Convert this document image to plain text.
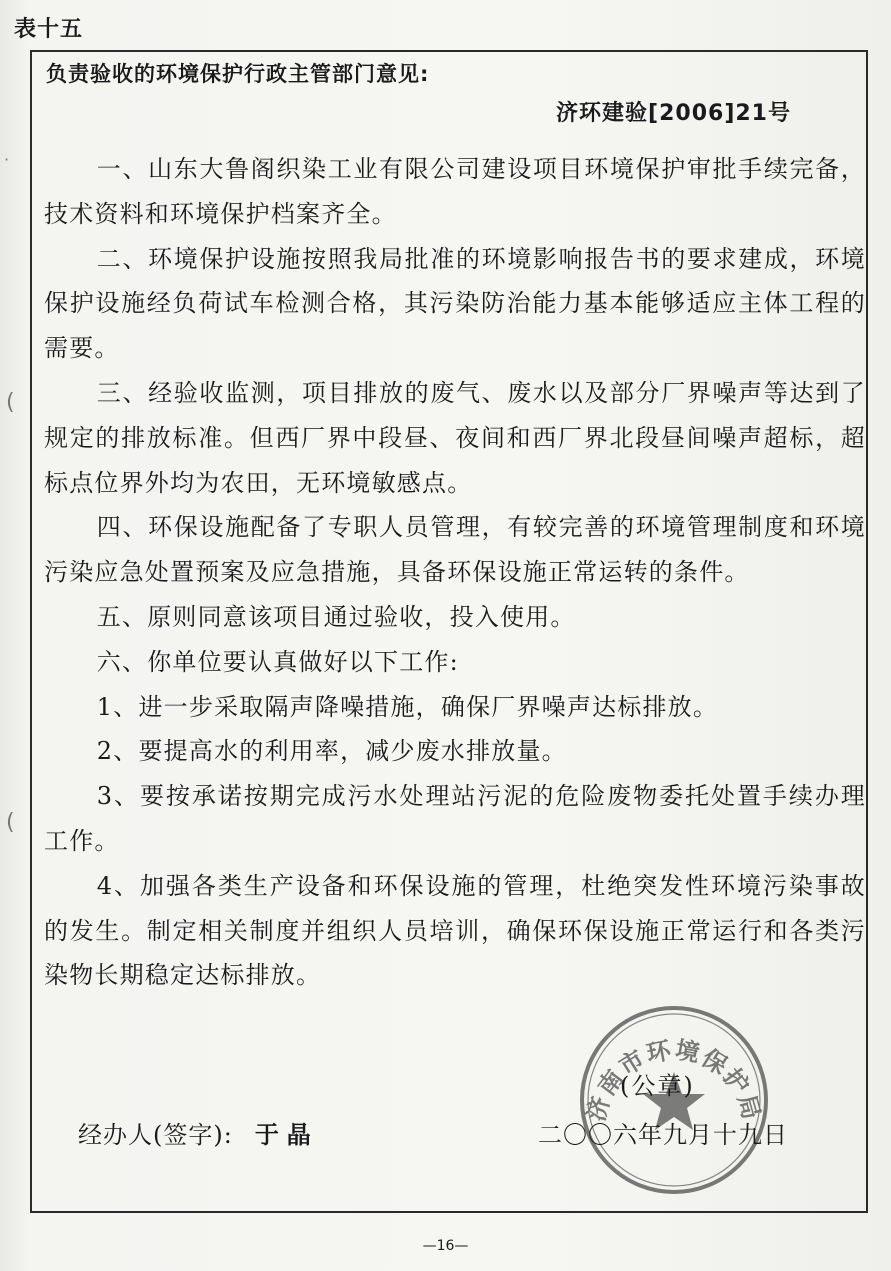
·
(
(
表十五
负责验收的环境保护行政主管部门意见:
济环建验[2006]21号

一、山东大鲁阁织染工业有限公司建设项目环境保护审批手续完备，技术资料和环境保护档案齐全。

二、环境保护设施按照我局批准的环境影响报告书的要求建成，环境保护设施经负荷试车检测合格，其污染防治能力基本能够适应主体工程的需要。

三、经验收监测，项目排放的废气、废水以及部分厂界噪声等达到了规定的排放标准。但西厂界中段昼、夜间和西厂界北段昼间噪声超标，超标点位界外均为农田，无环境敏感点。

四、环保设施配备了专职人员管理，有较完善的环境管理制度和环境污染应急处置预案及应急措施，具备环保设施正常运转的条件。

五、原则同意该项目通过验收，投入使用。

六、你单位要认真做好以下工作:

1、进一步采取隔声降噪措施，确保厂界噪声达标排放。

2、要提高水的利用率，减少废水排放量。

3、要按承诺按期完成污水处理站污泥的危险废物委托处置手续办理工作。

4、加强各类生产设备和环保设施的管理，杜绝突发性环境污染事故的发生。制定相关制度并组织人员培训，确保环保设施正常运行和各类污染物长期稳定达标排放。

济南市环境保护局
(公章)
经办人(签字): 于晶	二〇〇六年九月十九日
—16—
